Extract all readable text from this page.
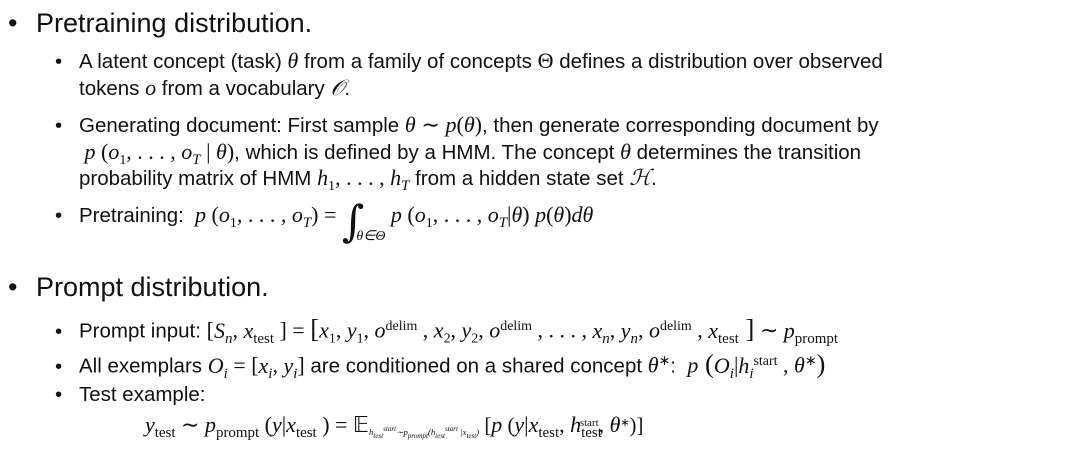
• Pretraining distribution.
• A latent concept (task) θ from a family of concepts Θ defines a distribution over observed
tokens o from a vocabulary 𝒪.
• Generating document: First sample θ ∼ p(θ), then generate corresponding document by
p ($o_1$, . . . , $o_T$ | θ), which is defined by a HMM. The concept θ determines the transition
probability matrix of HMM $h_1$, . . . , $h_T$ from a hidden state set ℋ.
• Pretraining:  p ($o_1$, . . . , $o_T) = \int_{\theta\in\Theta}$ p ($o_1$, . . . , $o_T|\theta$) p(θ)dθ
• Prompt distribution.
• Prompt input: [$S_n$, $x_{test}$ ] = [$x_1$, $y_1$, $o^{delim}$ , $x_2$, $y_2$, $o^{delim}$ , . . . , $x_n$, $y_n$, $o^{delim}$ , $x_{test}$ ] ∼ $p_{prompt}$
• All exemplars $O_i = [x_i$, $y_i$] are conditioned on a shared concept θ∗:  p ($O_i|h_i^{start}$ , θ∗)
• Test example:
$y_{test}$ ∼ $p_{prompt}$ ($y|x_{test}$ ) = 𝔼$_{h_{test}^{start}\sim p_{prompt}(h_{test}^{start} |x_{test})}$ [p ($y|x_{test}$, $h_{test}^{start}$, θ∗)]
